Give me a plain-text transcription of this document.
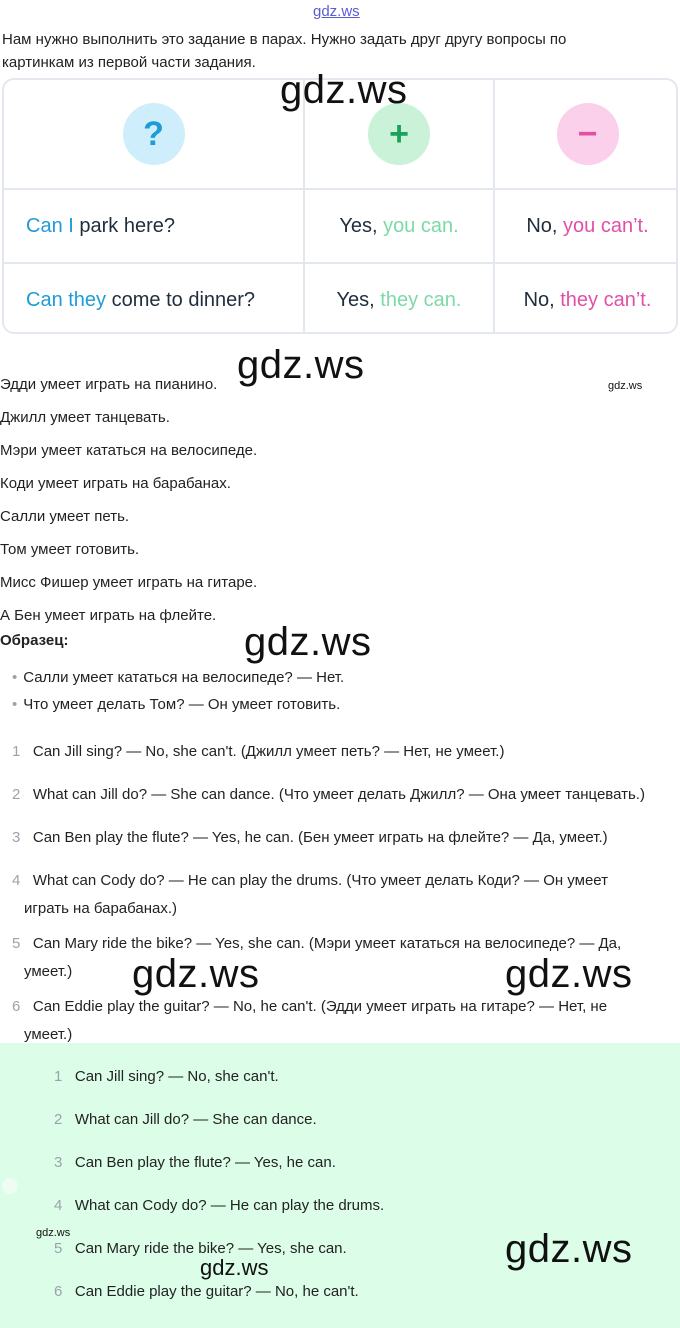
gdz.ws
Нам нужно выполнить это задание в парах. Нужно задать друг другу вопросы по картинкам из первой части задания.
?	+	−
Can I park here?	Yes, you can.	No, you can’t.
Can they come to dinner?	Yes, they can.	No, they can’t.
gdz.ws
gdz.ws	gdz.ws
gdz.ws
gdz.ws	gdz.ws
Эдди умеет играть на пианино.
Джилл умеет танцевать.
Мэри умеет кататься на велосипеде.
Коди умеет играть на барабанах.
Салли умеет петь.
Том умеет готовить.
Мисс Фишер умеет играть на гитаре.
А Бен умеет играть на флейте.
Образец:
• Салли умеет кататься на велосипеде? — Нет.
• Что умеет делать Том? — Он умеет готовить.
1 Can Jill sing? — No, she can't. (Джилл умеет петь? — Нет, не умеет.)
2 What can Jill do? — She can dance. (Что умеет делать Джилл? — Она умеет танцевать.)
3 Can Ben play the flute? — Yes, he can. (Бен умеет играть на флейте? — Да, умеет.)
4 What can Cody do? — He can play the drums. (Что умеет делать Коди? — Он умеет
играть на барабанах.)
5 Can Mary ride the bike? — Yes, she can. (Мэри умеет кататься на велосипеде? — Да,
умеет.)
6 Can Eddie play the guitar? — No, he can't. (Эдди умеет играть на гитаре? — Нет, не
умеет.)
1 Can Jill sing? — No, she can't.
2 What can Jill do? — She can dance.
3 Can Ben play the flute? — Yes, he can.
4 What can Cody do? — He can play the drums.
5 Can Mary ride the bike? — Yes, she can.
6 Can Eddie play the guitar? — No, he can't.
gdz.ws
gdz.ws	gdz.ws
